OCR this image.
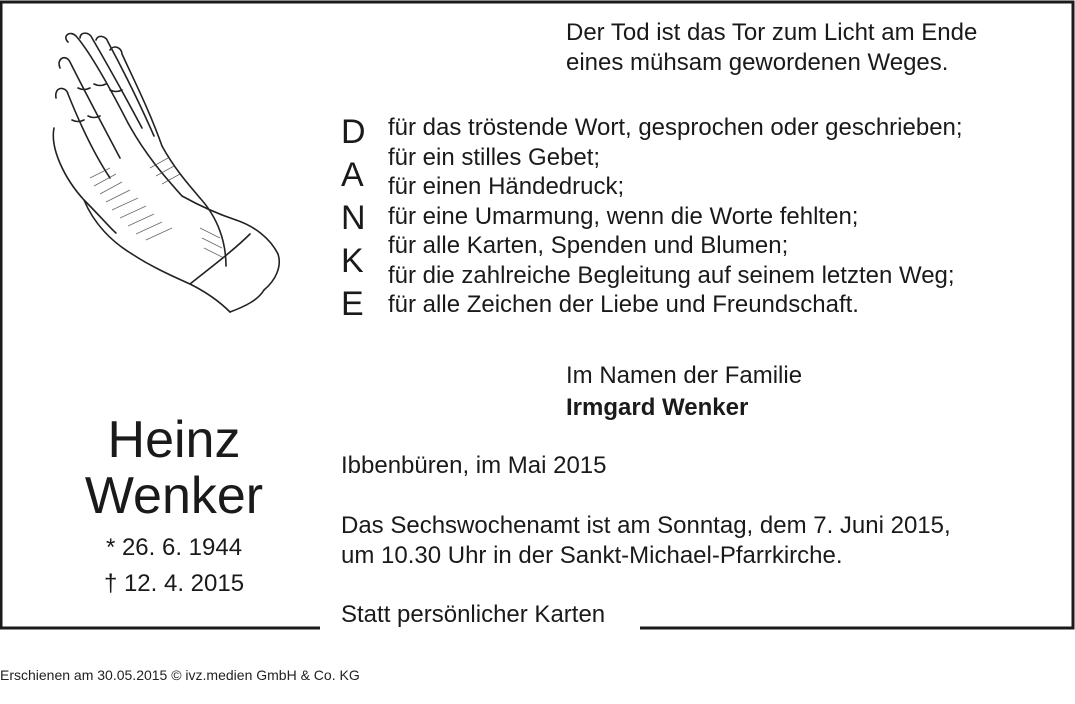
Der Tod ist das Tor zum Licht am Ende
eines mühsam gewordenen Weges.
D
A
N
K
E
für das tröstende Wort, gesprochen oder geschrieben;
für ein stilles Gebet;
für einen Händedruck;
für eine Umarmung, wenn die Worte fehlten;
für alle Karten, Spenden und Blumen;
für die zahlreiche Begleitung auf seinem letzten Weg;
für alle Zeichen der Liebe und Freundschaft.
Im Namen der Familie
Irmgard Wenker
Ibbenbüren, im Mai 2015
Das Sechswochenamt ist am Sonntag, dem 7. Juni 2015,
um 10.30 Uhr in der Sankt-Michael-Pfarrkirche.
Statt persönlicher Karten
Heinz
Wenker
* 26. 6. 1944
† 12. 4. 2015
Erschienen am 30.05.2015 © ivz.medien GmbH & Co. KG
